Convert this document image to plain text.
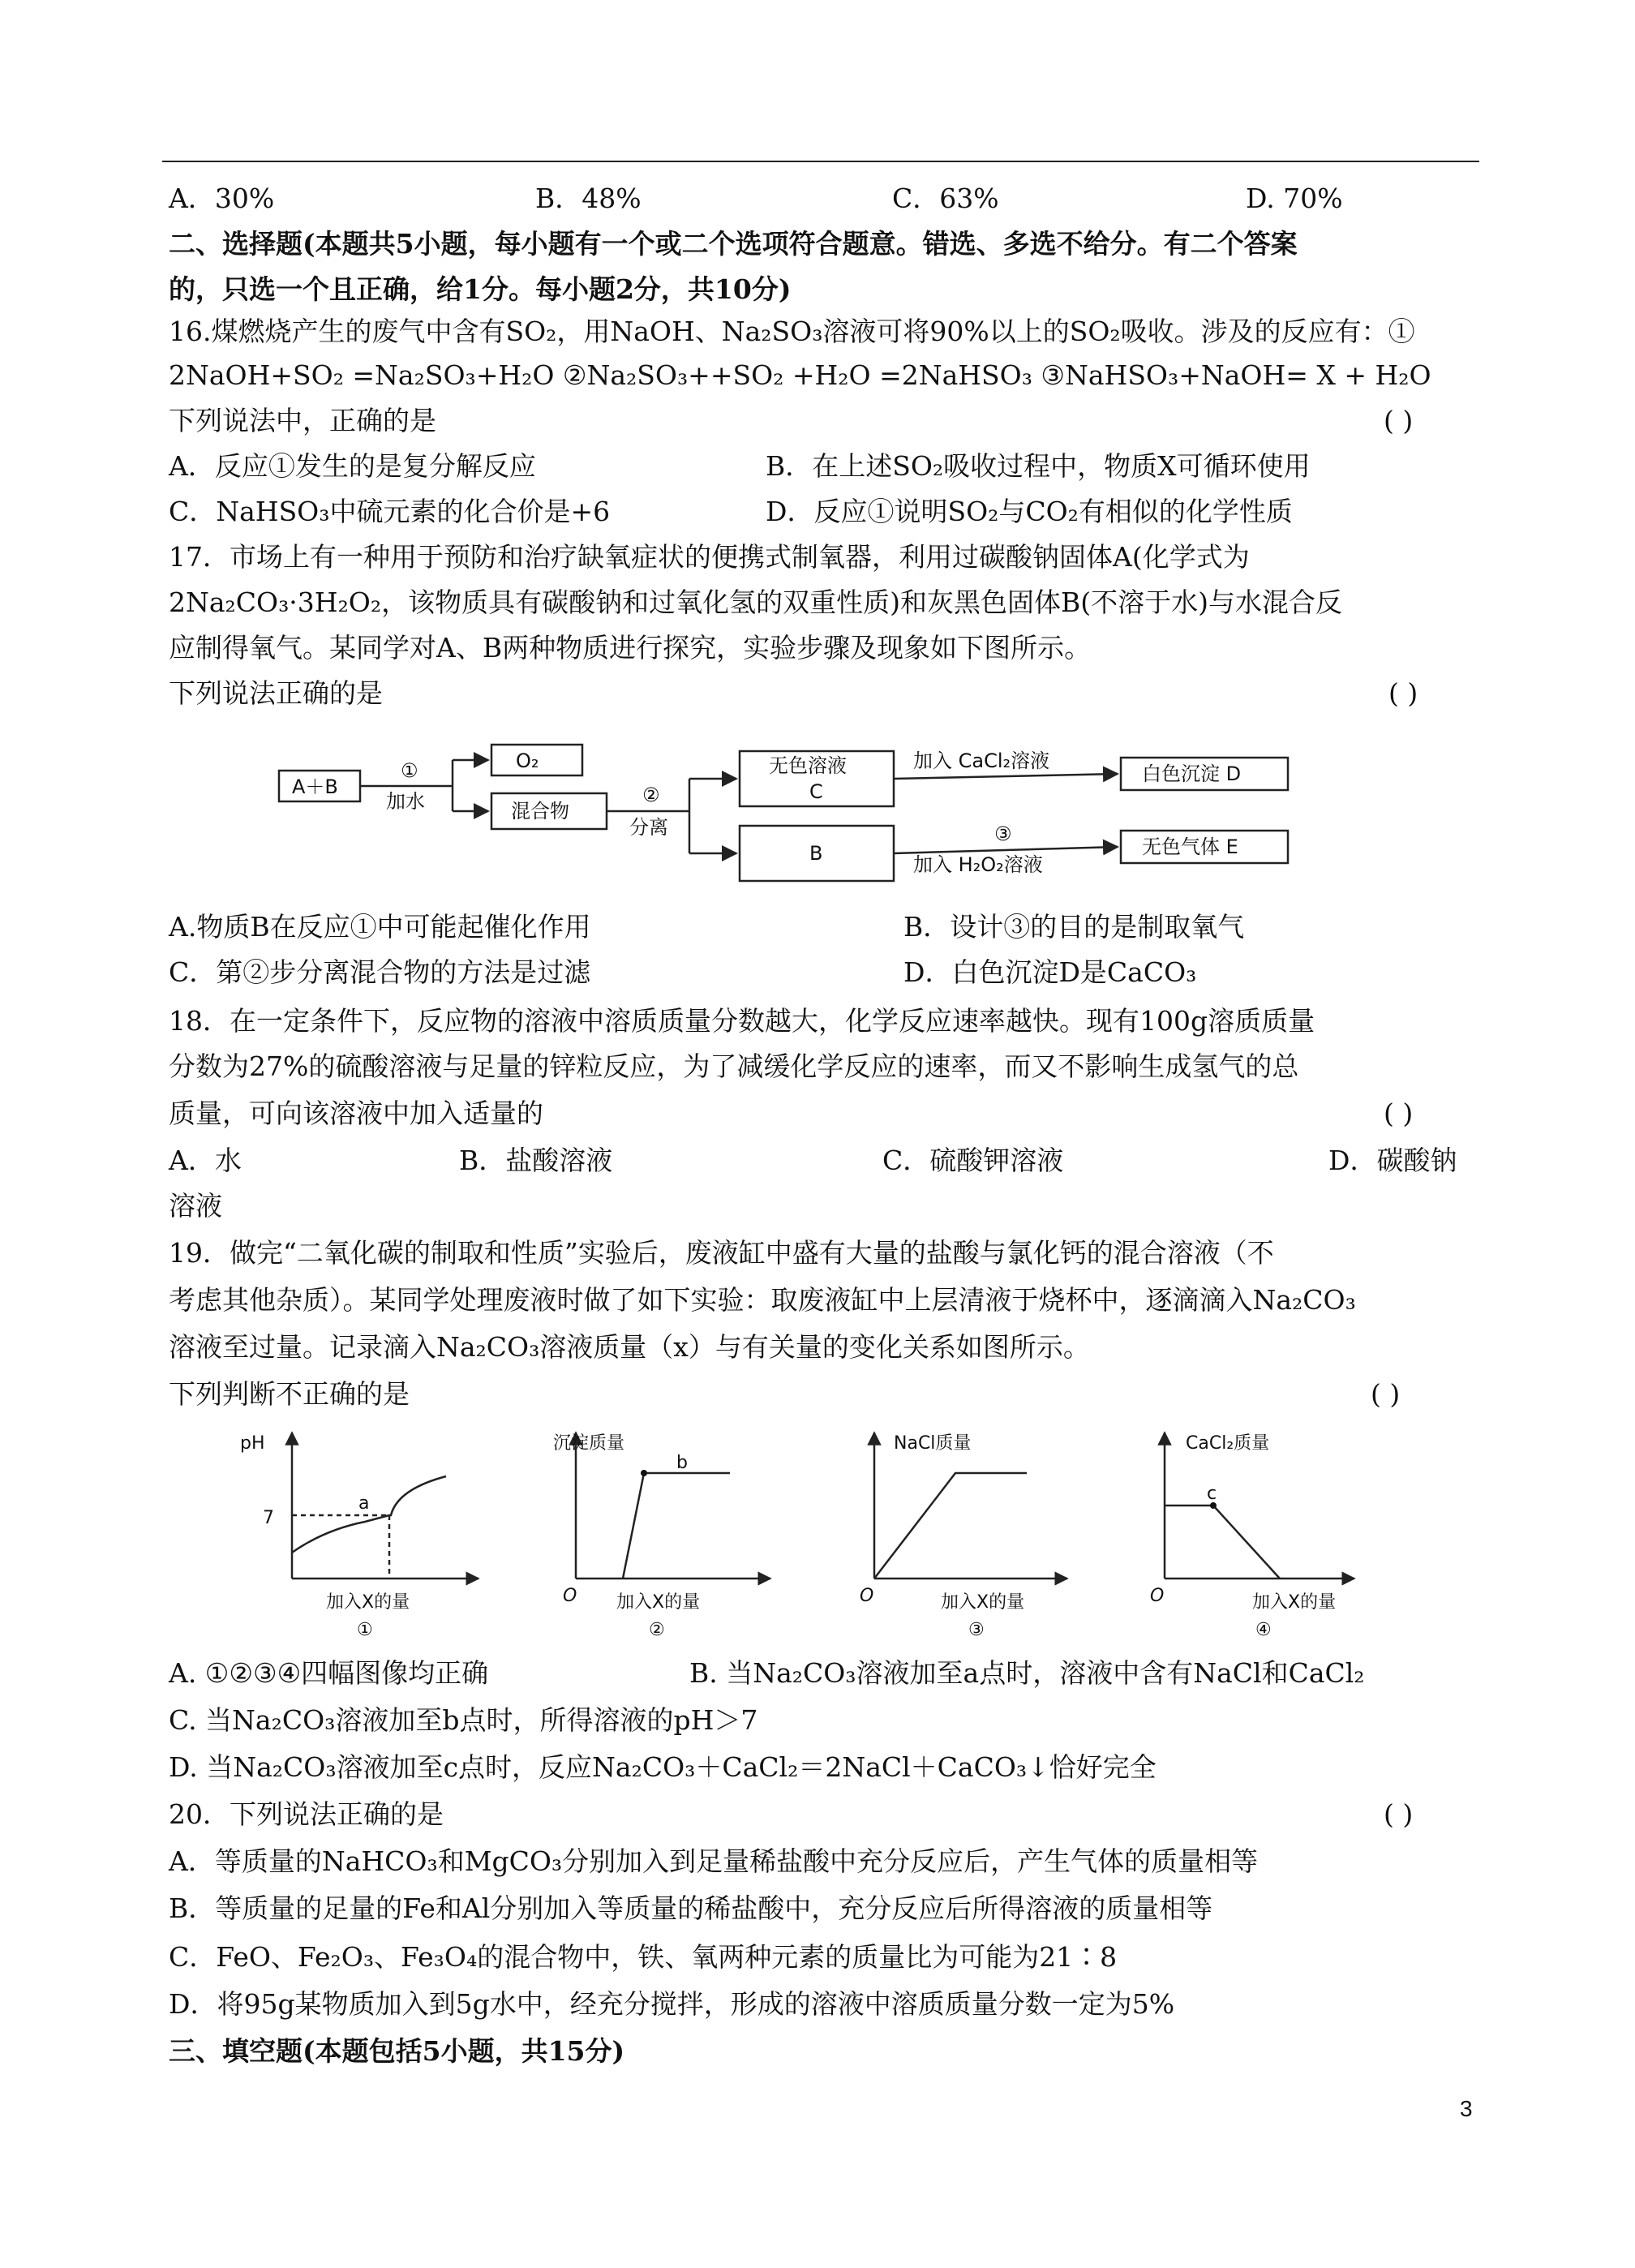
A．30%	B．48%	C．63%	D. 70%
二、选择题(本题共5小题，每小题有一个或二个选项符合题意。错选、多选不给分。有二个答案
的，只选一个且正确，给1分。每小题2分，共10分)
16.煤燃烧产生的废气中含有SO₂，用NaOH、Na₂SO₃溶液可将90%以上的SO₂吸收。涉及的反应有：①
2NaOH+SO₂ =Na₂SO₃+H₂O ②Na₂SO₃++SO₂ +H₂O =2NaHSO₃ ③NaHSO₃+NaOH= X + H₂O
下列说法中，正确的是	( )
A．反应①发生的是复分解反应	B．在上述SO₂吸收过程中，物质X可循环使用
C．NaHSO₃中硫元素的化合价是+6	D．反应①说明SO₂与CO₂有相似的化学性质
17．市场上有一种用于预防和治疗缺氧症状的便携式制氧器，利用过碳酸钠固体A(化学式为
2Na₂CO₃·3H₂O₂，该物质具有碳酸钠和过氧化氢的双重性质)和灰黑色固体B(不溶于水)与水混合反
应制得氧气。某同学对A、B两种物质进行探究，实验步骤及现象如下图所示。
下列说法正确的是	( )
A＋B
①
加水
O₂
混合物
②
分离
无色溶液
C
B
加入 CaCl₂溶液
③
加入 H₂O₂溶液
白色沉淀 D
无色气体 E
A.物质B在反应①中可能起催化作用	B．设计③的目的是制取氧气
C．第②步分离混合物的方法是过滤	D．白色沉淀D是CaCO₃
18．在一定条件下，反应物的溶液中溶质质量分数越大，化学反应速率越快。现有100g溶质质量
分数为27%的硫酸溶液与足量的锌粒反应，为了减缓化学反应的速率，而又不影响生成氢气的总
质量，可向该溶液中加入适量的	( )
A．水	B．盐酸溶液	C．硫酸钾溶液	D．碳酸钠
溶液
19．做完“二氧化碳的制取和性质”实验后，废液缸中盛有大量的盐酸与氯化钙的混合溶液（不
考虑其他杂质）。某同学处理废液时做了如下实验：取废液缸中上层清液于烧杯中，逐滴滴入Na₂CO₃
溶液至过量。记录滴入Na₂CO₃溶液质量（x）与有关量的变化关系如图所示。
下列判断不正确的是	( )
pH
7
a
加入X的量
①
沉淀质量
O
b
加入X的量
②
NaCl质量
O	加入X的量
③
CaCl₂质量
O
c
加入X的量
④
A. ①②③④四幅图像均正确	B. 当Na₂CO₃溶液加至a点时，溶液中含有NaCl和CaCl₂
C. 当Na₂CO₃溶液加至b点时，所得溶液的pH＞7
D. 当Na₂CO₃溶液加至c点时，反应Na₂CO₃＋CaCl₂＝2NaCl＋CaCO₃↓恰好完全
20．下列说法正确的是	( )
A．等质量的NaHCO₃和MgCO₃分别加入到足量稀盐酸中充分反应后，产生气体的质量相等
B．等质量的足量的Fe和Al分别加入等质量的稀盐酸中，充分反应后所得溶液的质量相等
C．FeO、Fe₂O₃、Fe₃O₄的混合物中，铁、氧两种元素的质量比为可能为21∶8
D．将95g某物质加入到5g水中，经充分搅拌，形成的溶液中溶质质量分数一定为5%
三、填空题(本题包括5小题，共15分)
3
